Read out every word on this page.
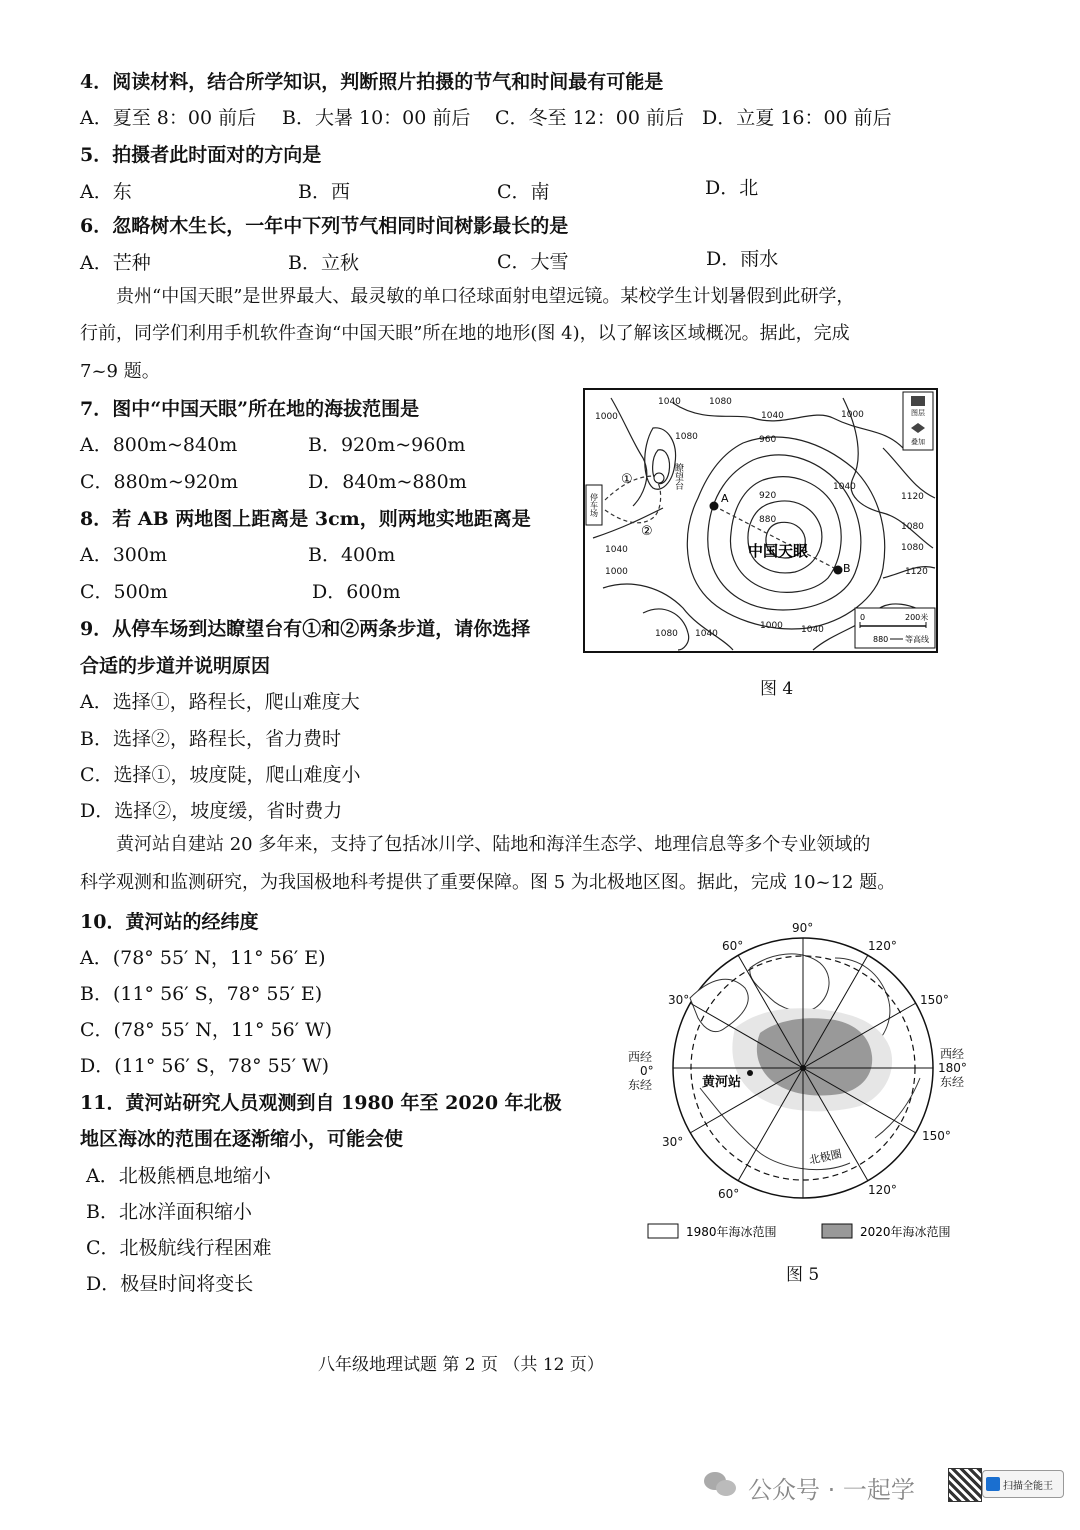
4．阅读材料，结合所学知识，判断照片拍摄的节气和时间最有可能是
A．夏至 8：00 前后 B．大暑 10：00 前后 C．冬至 12：00 前后 D．立夏 16：00 前后
5．拍摄者此时面对的方向是
A．东	B．西	C．南	D．北
6．忽略树木生长，一年中下列节气相同时间树影最长的是
A．芒种	B．立秋	C．大雪	D．雨水
贵州“中国天眼”是世界最大、最灵敏的单口径球面射电望远镜。某校学生计划暑假到此研学，
行前，同学们利用手机软件查询“中国天眼”所在地的地形(图 4)，以了解该区域概况。据此，完成
7~9 题。
7．图中“中国天眼”所在地的海拔范围是
A．800m~840m	B．920m~960m
C．880m~920m	D．840m~880m
8．若 AB 两地图上距离是 3cm，则两地实地距离是
A．300m	B．400m
C．500m	D．600m
9．从停车场到达瞭望台有①和②两条步道，请你选择
合适的步道并说明原因
A．选择①，路程长，爬山难度大
B．选择②，路程长，省力费时
C．选择①，坡度陡，爬山难度小
D．选择②，坡度缓，省时费力
黄河站自建站 20 多年来，支持了包括冰川学、陆地和海洋生态学、地理信息等多个专业领域的
科学观测和监测研究，为我国极地科考提供了重要保障。图 5 为北极地区图。据此，完成 10~12 题。
10．黄河站的经纬度
A．(78° 55′ N，11° 56′ E)
B．(11° 56′ S，78° 55′ E)
C．(78° 55′ N，11° 56′ W)
D．(11° 56′ S，78° 55′ W)
11．黄河站研究人员观测到自 1980 年至 2020 年北极
地区海冰的范围在逐渐缩小，可能会使
A．北极熊栖息地缩小
B．北冰洋面积缩小
C．北极航线行程困难
D．极昼时间将变长
停车场
瞭望台
①
②
A
B
中国天眼
1000
1040	1080
1040
960
1080
920
880
1040
1120
1080
1080
1120
1040
1000
1080 1040
1000 1040
1000	图层
叠加
0	200米
880 等高线
图 4
黄河站
北极圈
90°
60°	120°
30°	150°
30°	150°
60°	120°
西经
0°
东经
西经
180°
东经
1980年海冰范围	2020年海冰范围
图 5
八年级地理试题 第 2 页 （共 12 页）
公众号 · 一起学	扫描全能王
